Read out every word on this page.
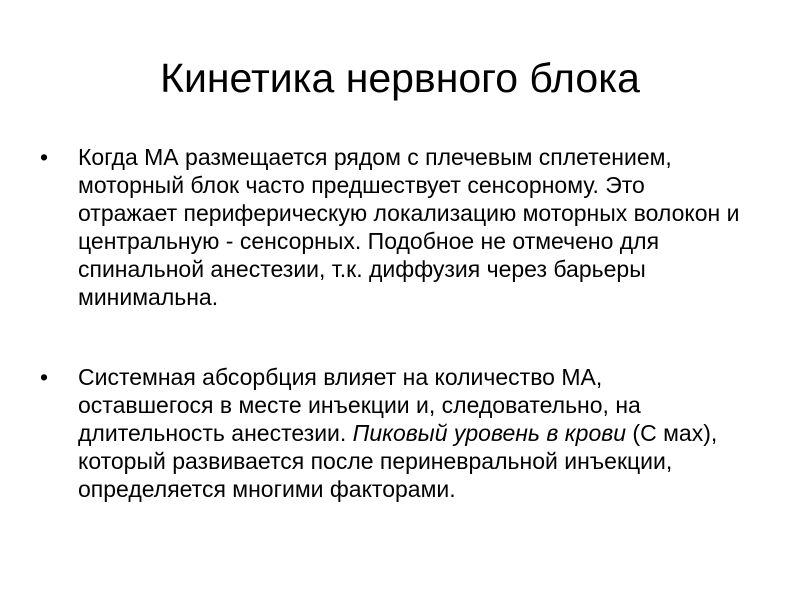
Кинетика нервного блока
•	Когда МА размещается рядом с плечевым сплетением, моторный блок часто предшествует сенсорному. Это отражает периферическую локализацию моторных волокон и центральную - сенсорных. Подобное не отмечено для спинальной анестезии, т.к. диффузия через барьеры минимальна.
•	Системная абсорбция влияет на количество МА, оставшегося в месте инъекции и, следовательно, на длительность анестезии. Пиковый уровень в крови (С мах), который развивается после периневральной инъекции, определяется многими факторами.
